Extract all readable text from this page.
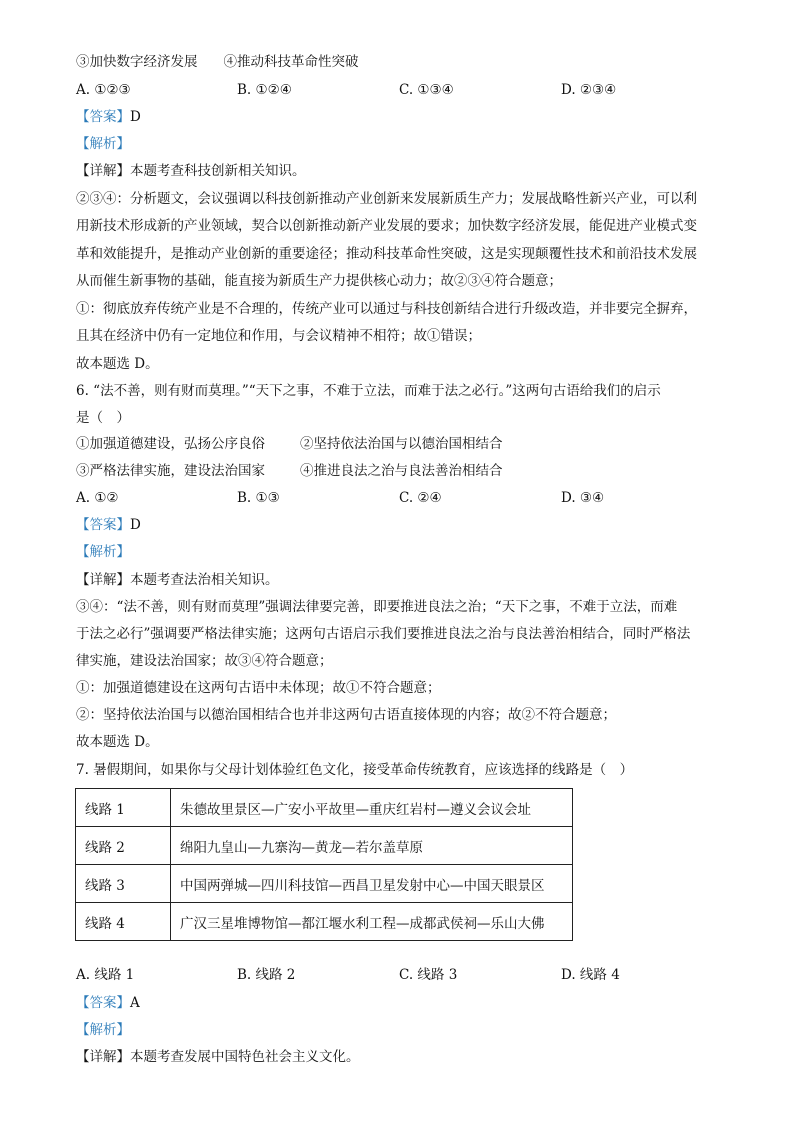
③加快数字经济发展 ④推动科技革命性突破
A. ①②③	B. ①②④	C. ①③④	D. ②③④
【答案】D
【解析】
【详解】本题考查科技创新相关知识。
②③④：分析题文，会议强调以科技创新推动产业创新来发展新质生产力；发展战略性新兴产业，可以利
用新技术形成新的产业领域，契合以创新推动新产业发展的要求；加快数字经济发展，能促进产业模式变
革和效能提升，是推动产业创新的重要途径；推动科技革命性突破，这是实现颠覆性技术和前沿技术发展
从而催生新事物的基础，能直接为新质生产力提供核心动力；故②③④符合题意；
①：彻底放弃传统产业是不合理的，传统产业可以通过与科技创新结合进行升级改造，并非要完全摒弃，
且其在经济中仍有一定地位和作用，与会议精神不相符；故①错误；
故本题选 D。
6. “法不善，则有财而莫理。”“天下之事，不难于立法，而难于法之必行。”这两句古语给我们的启示
是（　）
①加强道德建设，弘扬公序良俗	②坚持依法治国与以德治国相结合
③严格法律实施，建设法治国家	④推进良法之治与良法善治相结合
A. ①②	B. ①③	C. ②④	D. ③④
【答案】D
【解析】
【详解】本题考查法治相关知识。
③④：“法不善，则有财而莫理”强调法律要完善，即要推进良法之治；“天下之事，不难于立法，而难
于法之必行”强调要严格法律实施；这两句古语启示我们要推进良法之治与良法善治相结合，同时严格法
律实施，建设法治国家；故③④符合题意；
①：加强道德建设在这两句古语中未体现；故①不符合题意；
②：坚持依法治国与以德治国相结合也并非这两句古语直接体现的内容；故②不符合题意；
故本题选 D。
7. 暑假期间，如果你与父母计划体验红色文化，接受革命传统教育，应该选择的线路是（　）
线路 1	朱德故里景区—广安小平故里—重庆红岩村—遵义会议会址
线路 2	绵阳九皇山—九寨沟—黄龙—若尔盖草原
线路 3	中国两弹城—四川科技馆—西昌卫星发射中心—中国天眼景区
线路 4	广汉三星堆博物馆—都江堰水利工程—成都武侯祠—乐山大佛
A. 线路 1	B. 线路 2	C. 线路 3	D. 线路 4
【答案】A
【解析】
【详解】本题考查发展中国特色社会主义文化。
